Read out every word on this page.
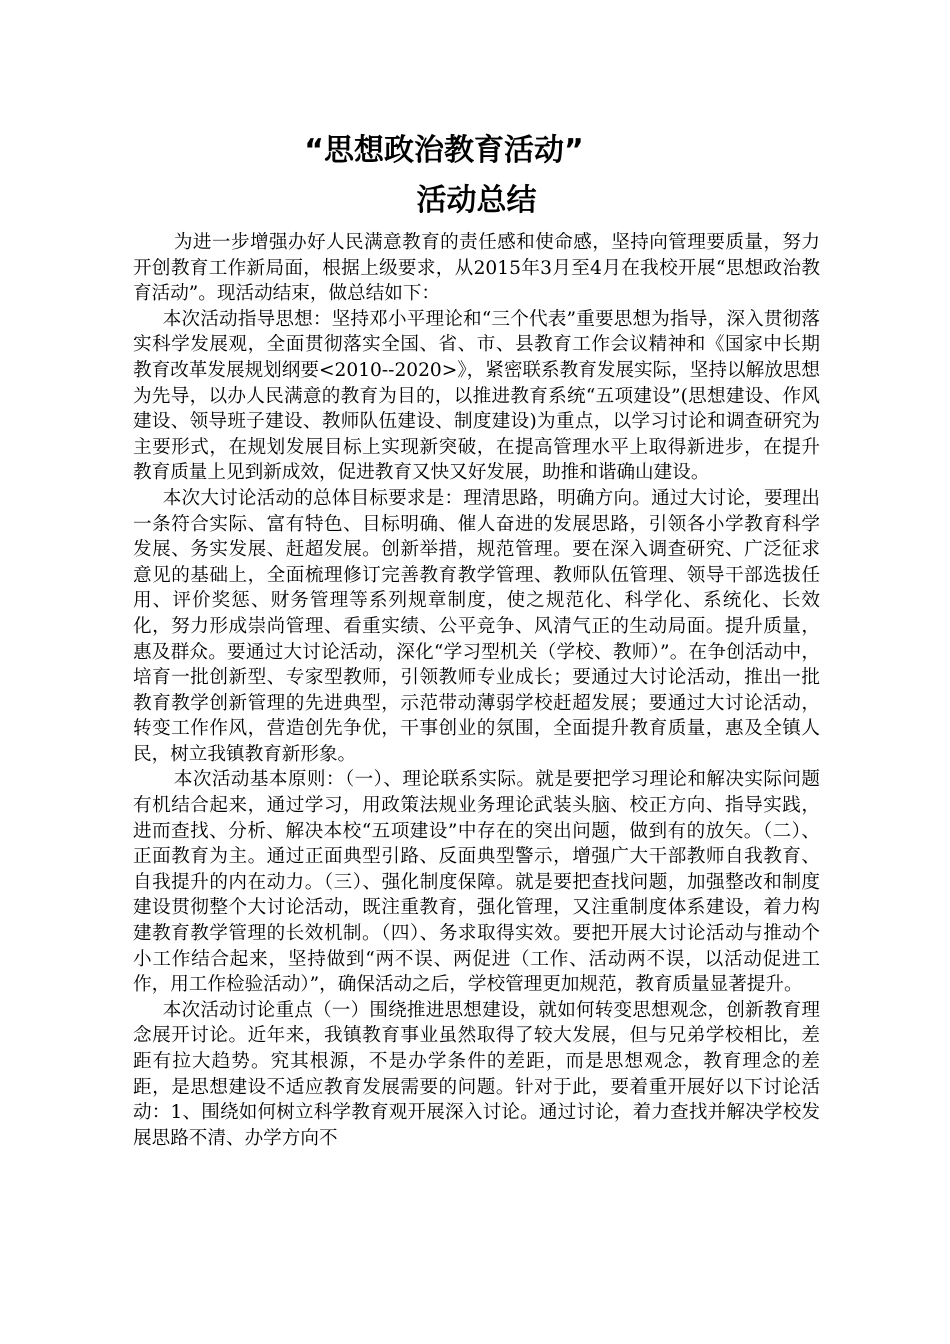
“思想政治教育活动”
活动总结

为进一步增强办好人民满意教育的责任感和使命感，坚持向管理要质量，努力开创教育工作新局面，根据上级要求，从2015年3月至4月在我校开展“思想政治教育活动”。现活动结束，做总结如下：

本次活动指导思想：坚持邓小平理论和“三个代表”重要思想为指导，深入贯彻落实科学发展观，全面贯彻落实全国、省、市、县教育工作会议精神和《国家中长期教育改革发展规划纲要<2010--2020>》，紧密联系教育发展实际，坚持以解放思想为先导，以办人民满意的教育为目的，以推进教育系统“五项建设”(思想建设、作风建设、领导班子建设、教师队伍建设、制度建设)为重点，以学习讨论和调查研究为主要形式，在规划发展目标上实现新突破，在提高管理水平上取得新进步，在提升教育质量上见到新成效，促进教育又快又好发展，助推和谐确山建设。

本次大讨论活动的总体目标要求是：理清思路，明确方向。通过大讨论，要理出一条符合实际、富有特色、目标明确、催人奋进的发展思路，引领各小学教育科学发展、务实发展、赶超发展。创新举措，规范管理。要在深入调查研究、广泛征求意见的基础上，全面梳理修订完善教育教学管理、教师队伍管理、领导干部选拔任用、评价奖惩、财务管理等系列规章制度，使之规范化、科学化、系统化、长效化，努力形成崇尚管理、看重实绩、公平竞争、风清气正的生动局面。提升质量，惠及群众。要通过大讨论活动，深化“学习型机关（学校、教师）”。在争创活动中，培育一批创新型、专家型教师，引领教师专业成长；要通过大讨论活动，推出一批教育教学创新管理的先进典型，示范带动薄弱学校赶超发展；要通过大讨论活动，转变工作作风，营造创先争优，干事创业的氛围，全面提升教育质量，惠及全镇人民，树立我镇教育新形象。

本次活动基本原则：（一）、理论联系实际。就是要把学习理论和解决实际问题有机结合起来，通过学习，用政策法规业务理论武装头脑、校正方向、指导实践，进而查找、分析、解决本校“五项建设”中存在的突出问题，做到有的放矢。（二）、正面教育为主。通过正面典型引路、反面典型警示，增强广大干部教师自我教育、自我提升的内在动力。（三）、强化制度保障。就是要把查找问题，加强整改和制度建设贯彻整个大讨论活动，既注重教育，强化管理，又注重制度体系建设，着力构建教育教学管理的长效机制。（四）、务求取得实效。要把开展大讨论活动与推动个小工作结合起来，坚持做到“两不误、两促进（工作、活动两不误，以活动促进工作，用工作检验活动）”，确保活动之后，学校管理更加规范，教育质量显著提升。

本次活动讨论重点（一）围绕推进思想建设，就如何转变思想观念，创新教育理念展开讨论。近年来，我镇教育事业虽然取得了较大发展，但与兄弟学校相比，差距有拉大趋势。究其根源，不是办学条件的差距，而是思想观念，教育理念的差距，是思想建设不适应教育发展需要的问题。针对于此，要着重开展好以下讨论活动：1、围绕如何树立科学教育观开展深入讨论。通过讨论，着力查找并解决学校发展思路不清、办学方向不
